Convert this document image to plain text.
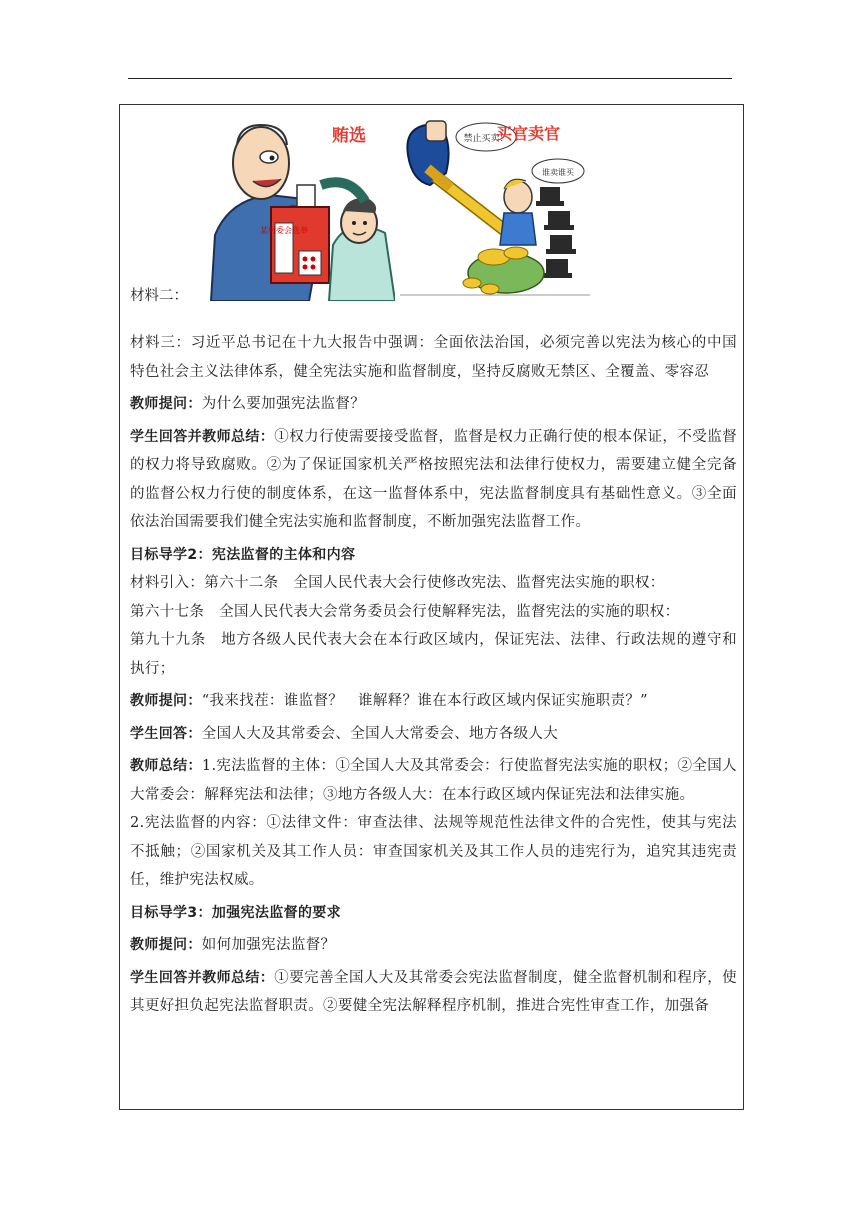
材料二：
某村委会选举
贿选	禁止买卖！
谁卖谁买
买官卖官

材料三：习近平总书记在十九大报告中强调：全面依法治国，必须完善以宪法为核心的中国特色社会主义法律体系，健全宪法实施和监督制度，坚持反腐败无禁区、全覆盖、零容忍

教师提问：为什么要加强宪法监督？

学生回答并教师总结：①权力行使需要接受监督，监督是权力正确行使的根本保证，不受监督的权力将导致腐败。②为了保证国家机关严格按照宪法和法律行使权力，需要建立健全完备的监督公权力行使的制度体系，在这一监督体系中，宪法监督制度具有基础性意义。③全面依法治国需要我们健全宪法实施和监督制度，不断加强宪法监督工作。

目标导学2：宪法监督的主体和内容

材料引入：第六十二条　全国人民代表大会行使修改宪法、监督宪法实施的职权：

第六十七条　全国人民代表大会常务委员会行使解释宪法，监督宪法的实施的职权：

第九十九条　地方各级人民代表大会在本行政区域内，保证宪法、法律、行政法规的遵守和执行；

教师提问：“我来找茬：谁监督？　谁解释？谁在本行政区域内保证实施职责？”

学生回答：全国人大及其常委会、全国人大常委会、地方各级人大

教师总结：1.宪法监督的主体：①全国人大及其常委会：行使监督宪法实施的职权；②全国人大常委会：解释宪法和法律；③地方各级人大：在本行政区域内保证宪法和法律实施。

2.宪法监督的内容：①法律文件：审查法律、法规等规范性法律文件的合宪性，使其与宪法不抵触；②国家机关及其工作人员：审查国家机关及其工作人员的违宪行为，追究其违宪责任，维护宪法权威。

目标导学3：加强宪法监督的要求

教师提问：如何加强宪法监督？

学生回答并教师总结：①要完善全国人大及其常委会宪法监督制度，健全监督机制和程序，使其更好担负起宪法监督职责。②要健全宪法解释程序机制，推进合宪性审查工作，加强备
